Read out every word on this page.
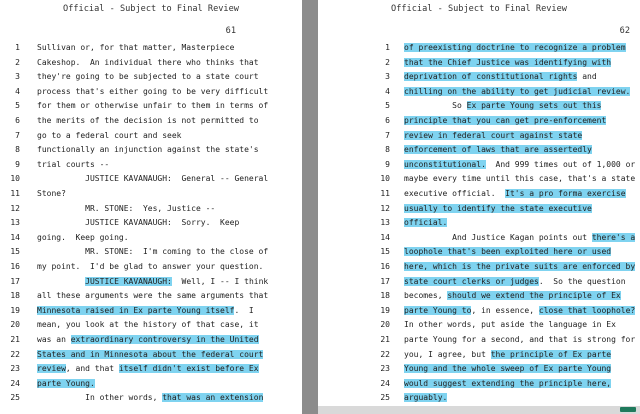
Official - Subject to Final Review
61
1 Sullivan or, for that matter, Masterpiece
2 Cakeshop.  An individual there who thinks that
3 they're going to be subjected to a state court
4 process that's either going to be very difficult
5 for them or otherwise unfair to them in terms of
6 the merits of the decision is not permitted to
7 go to a federal court and seek
8 functionally an injunction against the state's
9 trial courts --
10 JUSTICE KAVANAUGH:  General -- General
11 Stone?
12 MR. STONE:  Yes, Justice --
13 JUSTICE KAVANAUGH:  Sorry.  Keep
14 going.  Keep going.
15 MR. STONE:  I'm coming to the close of
16 my point.  I'd be glad to answer your question.
17	JUSTICE KAVANAUGH:  Well, I -- I think
18 all these arguments were the same arguments that
19 Minnesota raised in Ex parte Young itself.  I
20 mean, you look at the history of that case, it
21 was an extraordinary controversy in the United
22 States and in Minnesota about the federal court
23 review, and that itself didn't exist before Ex
24 parte Young.
25 In other words, that was an extension
Official - Subject to Final Review
62
1 of preexisting doctrine to recognize a problem
2 that the Chief Justice was identifying with
3 deprivation of constitutional rights and
4 chilling on the ability to get judicial review.
5 So Ex parte Young sets out this
6 principle that you can get pre-enforcement
7 review in federal court against state
8 enforcement of laws that are assertedly
9 unconstitutional.  And 999 times out of 1,000 or
10 maybe every time until this case, that's a state
11 executive official.  It's a pro forma exercise
12 usually to identify the state executive
13 official.
14 And Justice Kagan points out there's a
15 loophole that's been exploited here or used
16 here, which is the private suits are enforced by
17 state court clerks or judges.  So the question
18 becomes, should we extend the principle of Ex
19 parte Young to, in essence, close that loophole?
20 In other words, put aside the language in Ex
21 parte Young for a second, and that is strong for
22 you, I agree, but the principle of Ex parte
23 Young and the whole sweep of Ex parte Young
24 would suggest extending the principle here,
25 arguably.
